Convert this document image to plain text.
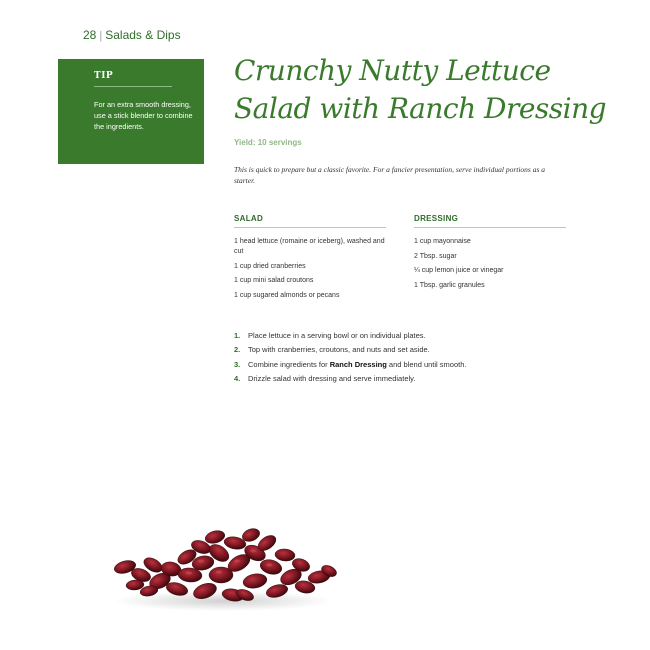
28 | Salads & Dips
TIP
For an extra smooth dressing, use a stick blender to combine the ingredients.
Crunchy Nutty Lettuce Salad with Ranch Dressing
Yield: 10 servings
This is quick to prepare but a classic favorite. For a fancier presentation, serve individual portions as a starter.
SALAD
1 head lettuce (romaine or iceberg), washed and cut
1 cup dried cranberries
1 cup mini salad croutons
1 cup sugared almonds or pecans
DRESSING
1 cup mayonnaise
2 Tbsp. sugar
¼ cup lemon juice or vinegar
1 Tbsp. garlic granules
1.	Place lettuce in a serving bowl or on individual plates.
2.	Top with cranberries, croutons, and nuts and set aside.
3.	Combine ingredients for Ranch Dressing and blend until smooth.
4.	Drizzle salad with dressing and serve immediately.
